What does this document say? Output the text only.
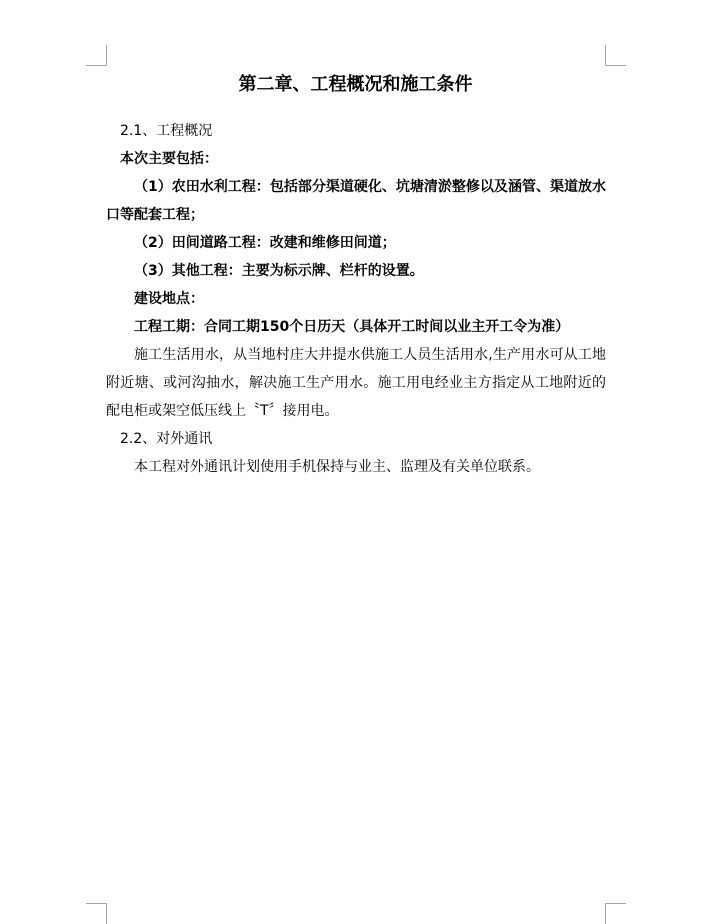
第二章、工程概况和施工条件

2.1、工程概况

本次主要包括：

（1）农田水利工程：包括部分渠道硬化、坑塘清淤整修以及涵管、渠道放水口等配套工程；

（2）田间道路工程：改建和维修田间道；

（3）其他工程：主要为标示牌、栏杆的设置。

建设地点：

工程工期：合同工期150个日历天（具体开工时间以业主开工令为准）

施工生活用水，从当地村庄大井提水供施工人员生活用水,生产用水可从工地附近塘、或河沟抽水，解决施工生产用水。施工用电经业主方指定从工地附近的配电柜或架空低压线上〝T〞接用电。

2.2、对外通讯

本工程对外通讯计划使用手机保持与业主、监理及有关单位联系。
